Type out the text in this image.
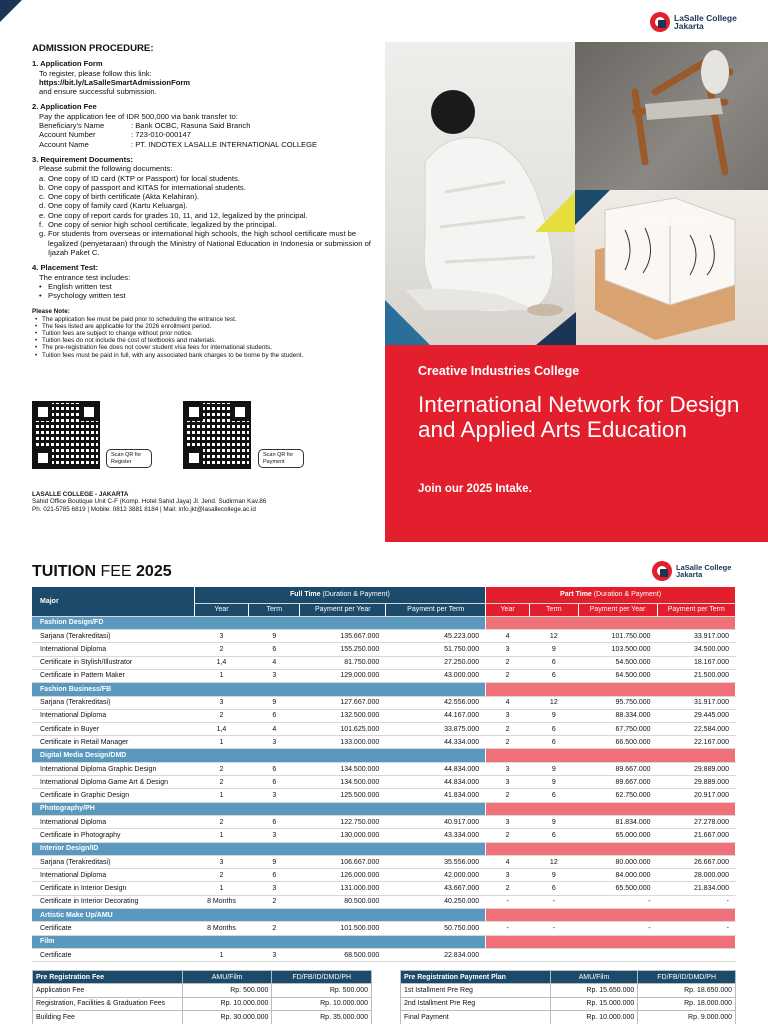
LaSalle College
Jakarta
ADMISSION PROCEDURE:
1. Application Form
To register, please follow this link:
https://bit.ly/LaSalleSmartAdmissionForm
and ensure successful submission.
2. Application Fee
Pay the application fee of IDR 500,000 via bank transfer to:
Beneficiary's Name	: Bank OCBC, Rasuna Said Branch
Account Number	: 723-010-000147
Account Name	: PT. INDOTEX LASALLE INTERNATIONAL COLLEGE
3. Requirement Documents:
Please submit the following documents:
a. One copy of ID card (KTP or Passport) for local students.
b. One copy of passport and KITAS for international students.
c. One copy of birth certificate (Akta Kelahiran).
d. One copy of family card (Kartu Keluarga).
e. One copy of report cards for grades 10, 11, and 12, legalized by the principal.
f. One copy of senior high school certificate, legalized by the principal.
g. For students from overseas or international high schools, the high school certificate must be legalized (penyetaraan) through the Ministry of National Education in Indonesia or submission of Ijazah Paket C.
4. Placement Test:
The entrance test includes:
• English written test
• Psychology written test
Please Note:
• The application fee must be paid prior to scheduling the entrance test.
• The fees listed are applicable for the 2026 enrollment period.
• Tuition fees are subject to change without prior notice.
• Tuition fees do not include the cost of textbooks and materials.
• The pre-registration fee does not cover student visa fees for international students.
• Tuition fees must be paid in full, with any associated bank charges to be borne by the student.
Scan QR for Register
Scan QR for Payment
LASALLE COLLEGE - JAKARTA
Sahid Office Boutique Unit C-F (Komp. Hotel Sahid Jaya) Jl. Jend. Sudirman Kav.86
Ph. 021-5785 6819 | Mobile. 0812 3881 8184 | Mail: info.jkt@lasallecollege.ac.id
Creative Industries College
International Network for Design and Applied Arts Education
Join our 2025 Intake.
TUITION FEE 2025	LaSalle College
Jakarta
Major	Full Time (Duration & Payment)				Part Time (Duration & Payment)			
	Year	Term	Payment per Year	Payment per Term	Year	Term	Payment per Year	Payment per Term
Fashion Design/FD								
Sarjana (Terakreditasi)	3	9	135.667.000	45.223.000	4	12	101.750.000	33.917.000
International Diploma	2	6	155.250.000	51.750.000	3	9	103.500.000	34.500.000
Certificate in Stylish/Illustrator	1,4	4	81.750.000	27.250.000	2	6	54.500.000	18.167.000
Certificate in Pattern Maker	1	3	129.000.000	43.000.000	2	6	64.500.000	21.500.000
Fashion Business/FB								
Sarjana (Terakreditasi)	3	9	127.667.000	42.556.000	4	12	95.750.000	31.917.000
International Diploma	2	6	132.500.000	44.167.000	3	9	88.334.000	29.445.000
Certificate in Buyer	1,4	4	101.625.000	33.875.000	2	6	67.750.000	22.584.000
Certificate in Retail Manager	1	3	133.000.000	44.334.000	2	6	66.500.000	22.167.000
Digital Media Design/DMD								
International Diploma Graphic Design	2	6	134.500.000	44.834.000	3	9	89.667.000	29.889.000
International Diploma Game Art & Design	2	6	134.500.000	44.834.000	3	9	89.667.000	29.889.000
Certificate in Graphic Design	1	3	125.500.000	41.834.000	2	6	62.750.000	20.917.000
Photography/PH								
International Diploma	2	6	122.750.000	40.917.000	3	9	81.834.000	27.278.000
Certificate in Photography	1	3	130.000.000	43.334.000	2	6	65.000.000	21.667.000
Interior Design/ID								
Sarjana (Terakreditasi)	3	9	106.667.000	35.556.000	4	12	80.000.000	26.667.000
International Diploma	2	6	126.000.000	42.000.000	3	9	84.000.000	28.000.000
Certificate in Interior Design	1	3	131.000.000	43.667.000	2	6	65.500.000	21.834.000
Certificate in Interior Decorating	8 Months	2	80.500.000	40.250.000	-	-	-	-
Artistic Make Up/AMU								
Certificate	8 Months	2	101.500.000	50.750.000	-	-	-	-
Film								
Certificate	1	3	68.500.000	22.834.000				
Pre Registration Fee	AMU/Film	FD/FB/ID/DMD/PH
Application Fee	Rp. 500.000	Rp. 500.000
Registration, Facilities & Graduation Fees	Rp. 10.000.000	Rp. 10.000.000
Building Fee	Rp. 30.000.000	Rp. 35.000.000
Pre Registration Payment Plan	AMU/Film	FD/FB/ID/DMD/PH
1st Istallment Pre Reg	Rp. 15.650.000	Rp. 18.650.000
2nd Istallment Pre Reg	Rp. 15.000.000	Rp. 18.000.000
Final Payment	Rp. 10.000.000	Rp. 9.000.000
